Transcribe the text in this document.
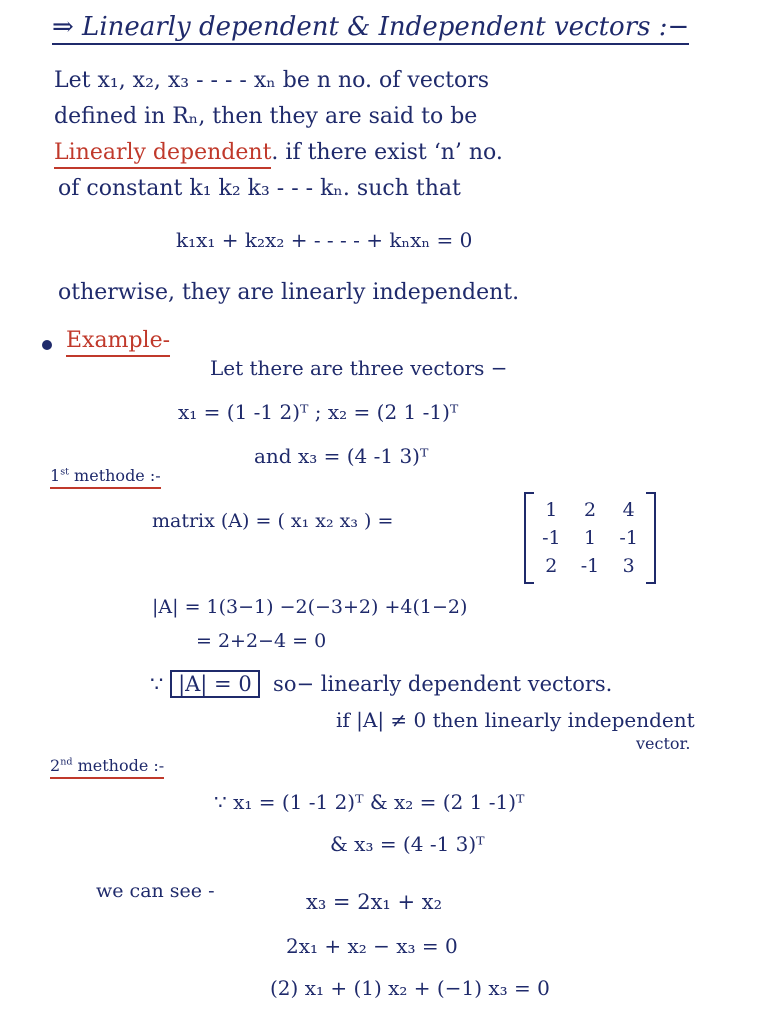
⇒ Linearly dependent & Independent vectors :−
Let x₁, x₂, x₃ - - - - xₙ be n no. of vectors
defined in Rₙ, then they are said to be
Linearly dependent. if there exist ‘n’ no.
of constant k₁ k₂ k₃ - - - kₙ. such that
k₁x₁ + k₂x₂ + - - - - + kₙxₙ = 0
otherwise, they are linearly independent.
Example-
Let there are three vectors −
x₁ = (1 -1 2)ᵀ ; x₂ = (2 1 -1)ᵀ
and x₃ = (4 -1 3)ᵀ
1st methode :-
matrix (A) = ( x₁ x₂ x₃ ) =	1	2	4
-1	1	-1
2	-1	3
|A| = 1(3−1) −2(−3+2) +4(1−2)
= 2+2−4 = 0
∵ |A| = 0 so− linearly dependent vectors.
if |A| ≠ 0 then linearly independent
vector.
2nd methode :-
∵ x₁ = (1 -1 2)ᵀ & x₂ = (2 1 -1)ᵀ
& x₃ = (4 -1 3)ᵀ
we can see -	x₃ = 2x₁ + x₂
2x₁ + x₂ − x₃ = 0
(2) x₁ + (1) x₂ + (−1) x₃ = 0
